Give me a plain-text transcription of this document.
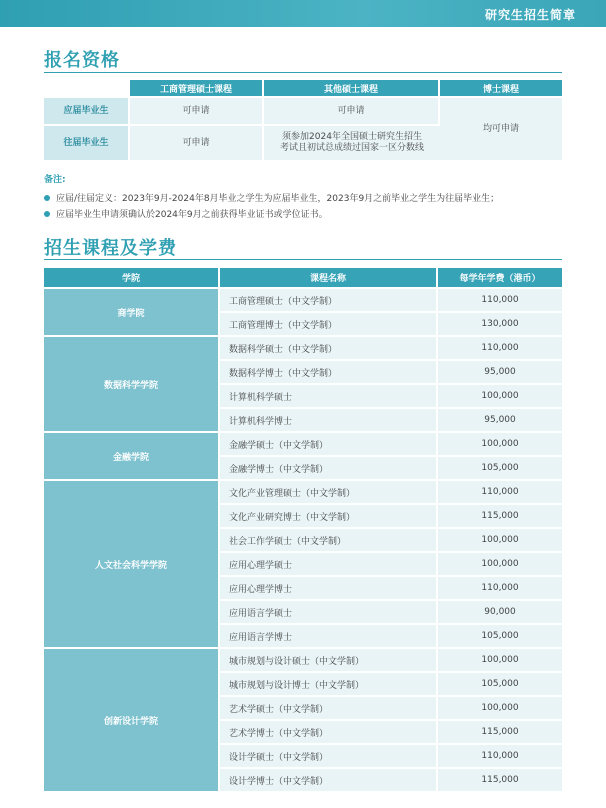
研究生招生简章
报名资格
	工商管理硕士课程	其他硕士课程	博士课程
应届毕业生	可申请	可申请	均可申请
往届毕业生	可申请	须参加2024年全国硕士研究生招生考试且初试总成绩过国家一区分数线	
备注:
应届/往届定义：2023年9月-2024年8月毕业之学生为应届毕业生，2023年9月之前毕业之学生为往届毕业生；
应届毕业生申请须确认於2024年9月之前获得毕业证书或学位证书。
招生课程及学费
学院	课程名称	每学年学费（港币）
商学院	工商管理硕士（中文学制）	110,000
	工商管理博士（中文学制）	130,000
数据科学学院	数据科学硕士（中文学制）	110,000
	数据科学博士（中文学制）	95,000
	计算机科学硕士	100,000
	计算机科学博士	95,000
金融学院	金融学硕士（中文学制）	100,000
	金融学博士（中文学制）	105,000
人文社会科学学院	文化产业管理硕士（中文学制）	110,000
	文化产业研究博士（中文学制）	115,000
	社会工作学硕士（中文学制）	100,000
	应用心理学硕士	100,000
	应用心理学博士	110,000
	应用语言学硕士	90,000
	应用语言学博士	105,000
创新设计学院	城市规划与设计硕士（中文学制）	100,000
	城市规划与设计博士（中文学制）	105,000
	艺术学硕士（中文学制）	100,000
	艺术学博士（中文学制）	115,000
	设计学硕士（中文学制）	110,000
	设计学博士（中文学制）	115,000
